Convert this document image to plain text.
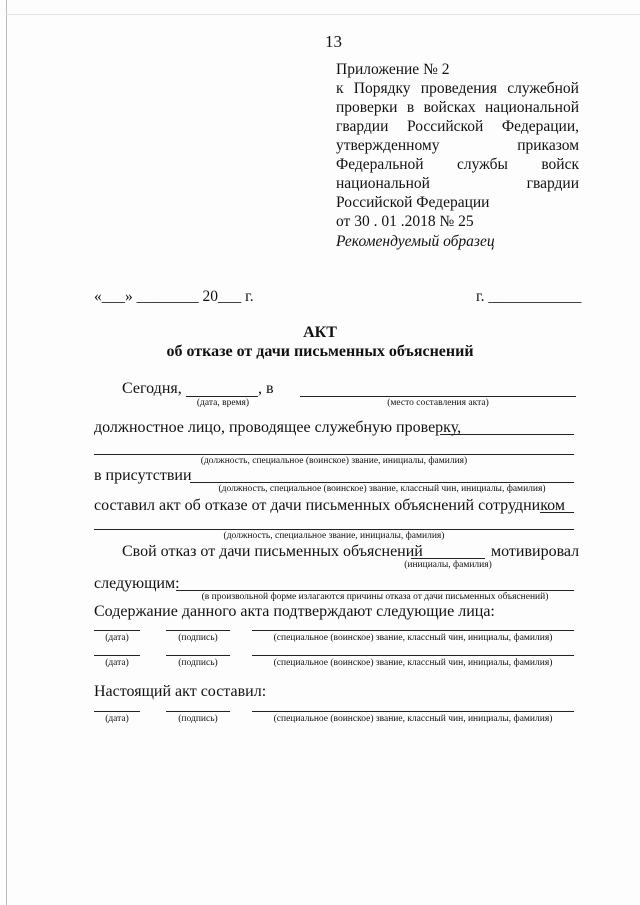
13
Приложение № 2
к Порядку проведения служебной
проверки в войсках национальной
гвардии Российской Федерации,
утвержденному	приказом
Федеральной службы войск
национальной	гвардии
Российской Федерации
от 30 . 01 .2018 № 25
Рекомендуемый образец
«___» ________ 20___ г.	г. ____________
АКТ
об отказе от дачи письменных объяснений
Сегодня,	, в
(дата, время)	(место составления акта)
должностное лицо, проводящее служебную проверку,
(должность, специальное (воинское) звание, инициалы, фамилия)
в присутствии
(должность, специальное (воинское) звание, классный чин, инициалы, фамилия)
составил акт об отказе от дачи письменных объяснений сотрудником
(должность, специальное звание, инициалы, фамилия)
Свой отказ от дачи письменных объяснений	мотивировал
(инициалы, фамилия)
следующим:
(в произвольной форме излагаются причины отказа от дачи письменных объяснений)
Содержание данного акта подтверждают следующие лица:
(дата)	(подпись)	(специальное (воинское) звание, классный чин, инициалы, фамилия)
(дата)	(подпись)	(специальное (воинское) звание, классный чин, инициалы, фамилия)
Настоящий акт составил:
(дата)	(подпись)	(специальное (воинское) звание, классный чин, инициалы, фамилия)
